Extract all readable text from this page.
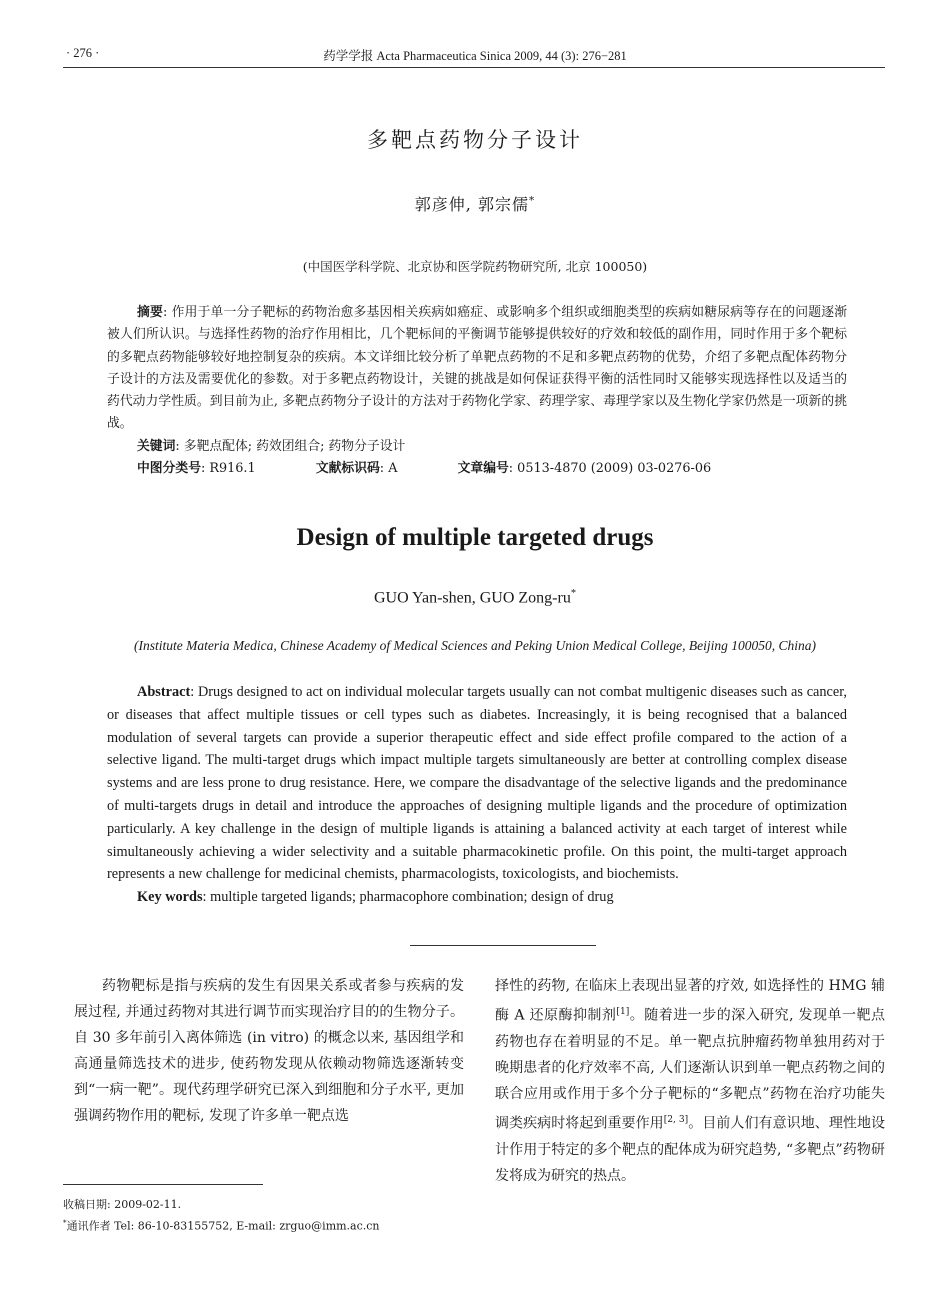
· 276 ·	药学学报 Acta Pharmaceutica Sinica 2009, 44 (3): 276−281
多靶点药物分子设计
郭彦伸, 郭宗儒*
(中国医学科学院、北京协和医学院药物研究所, 北京 100050)

摘要: 作用于单一分子靶标的药物治愈多基因相关疾病如癌症、或影响多个组织或细胞类型的疾病如糖尿病等存在的问题逐渐被人们所认识。与选择性药物的治疗作用相比，几个靶标间的平衡调节能够提供较好的疗效和较低的副作用，同时作用于多个靶标的多靶点药物能够较好地控制复杂的疾病。本文详细比较分析了单靶点药物的不足和多靶点药物的优势，介绍了多靶点配体药物分子设计的方法及需要优化的参数。对于多靶点药物设计，关键的挑战是如何保证获得平衡的活性同时又能够实现选择性以及适当的药代动力学性质。到目前为止, 多靶点药物分子设计的方法对于药物化学家、药理学家、毒理学家以及生物化学家仍然是一项新的挑战。

关键词: 多靶点配体; 药效团组合; 药物分子设计

中图分类号: R916.1	文献标识码: A	文章编号: 0513-4870 (2009) 03-0276-06

Design of multiple targeted drugs
GUO Yan-shen, GUO Zong-ru*
(Institute Materia Medica, Chinese Academy of Medical Sciences and Peking Union Medical College, Beijing 100050, China)

Abstract: Drugs designed to act on individual molecular targets usually can not combat multigenic diseases such as cancer, or diseases that affect multiple tissues or cell types such as diabetes. Increasingly, it is being recognised that a balanced modulation of several targets can provide a superior therapeutic effect and side effect profile compared to the action of a selective ligand. The multi-target drugs which impact multiple targets simultaneously are better at controlling complex disease systems and are less prone to drug resistance. Here, we compare the disadvantage of the selective ligands and the predominance of multi-targets drugs in detail and introduce the approaches of designing multiple ligands and the procedure of optimization particularly. A key challenge in the design of multiple ligands is attaining a balanced activity at each target of interest while simultaneously achieving a wider selectivity and a suitable pharmacokinetic profile. On this point, the multi-target approach represents a new challenge for medicinal chemists, pharmacologists, toxicologists, and biochemists.

Key words: multiple targeted ligands; pharmacophore combination; design of drug

药物靶标是指与疾病的发生有因果关系或者参与疾病的发展过程, 并通过药物对其进行调节而实现治疗目的的生物分子。自 30 多年前引入离体筛选 (in vitro) 的概念以来, 基因组学和高通量筛选技术的进步, 使药物发现从依赖动物筛选逐渐转变到“一病一靶”。现代药理学研究已深入到细胞和分子水平, 更加强调药物作用的靶标, 发现了许多单一靶点选

择性的药物, 在临床上表现出显著的疗效, 如选择性的 HMG 辅酶 A 还原酶抑制剂[1]。随着进一步的深入研究, 发现单一靶点药物也存在着明显的不足。单一靶点抗肿瘤药物单独用药对于晚期患者的化疗效率不高, 人们逐渐认识到单一靶点药物之间的联合应用或作用于多个分子靶标的“多靶点”药物在治疗功能失调类疾病时将起到重要作用[2, 3]。目前人们有意识地、理性地设计作用于特定的多个靶点的配体成为研究趋势, “多靶点”药物研发将成为研究的热点。

收稿日期: 2009-02-11.
*通讯作者 Tel: 86-10-83155752, E-mail: zrguo@imm.ac.cn
